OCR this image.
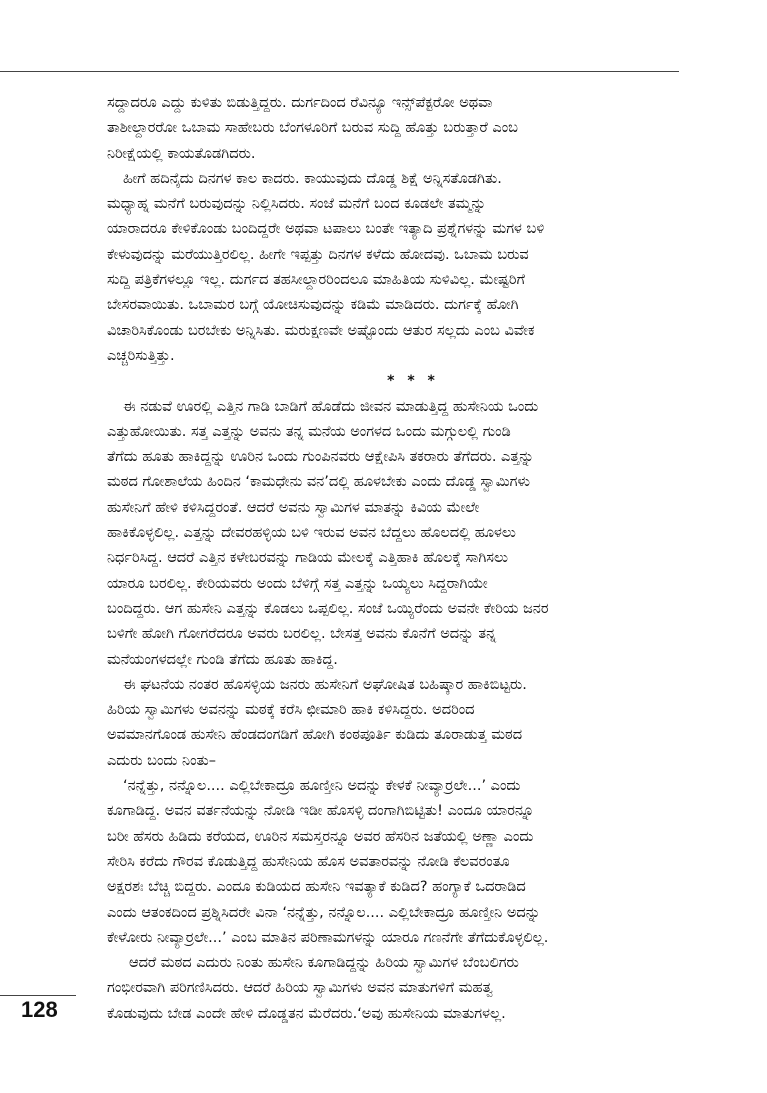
ಸದ್ದಾದರೂ ಎದ್ದು ಕುಳಿತು ಬಿಡುತ್ತಿದ್ದರು. ದುರ್ಗದಿಂದ ರೆವಿನ್ಯೂ ಇನ್ಸ್‌ಪೆಕ್ಟರೋ ಅಥವಾ
ತಾಶೀಲ್ದಾರರೋ ಒಬಾಮ ಸಾಹೇಬರು ಬೆಂಗಳೂರಿಗೆ ಬರುವ ಸುದ್ದಿ ಹೊತ್ತು ಬರುತ್ತಾರೆ ಎಂಬ
ನಿರೀಕ್ಷೆಯಲ್ಲಿ ಕಾಯತೊಡಗಿದರು.
ಹೀಗೆ ಹದಿನೈದು ದಿನಗಳ ಕಾಲ ಕಾದರು. ಕಾಯುವುದು ದೊಡ್ಡ ಶಿಕ್ಷೆ ಅನ್ನಿಸತೊಡಗಿತು.
ಮಧ್ಯಾಹ್ನ ಮನೆಗೆ ಬರುವುದನ್ನು ನಿಲ್ಲಿಸಿದರು. ಸಂಜೆ ಮನೆಗೆ ಬಂದ ಕೂಡಲೇ ತಮ್ಮನ್ನು
ಯಾರಾದರೂ ಕೇಳಿಕೊಂಡು ಬಂದಿದ್ದರೇ ಅಥವಾ ಟಪಾಲು ಬಂತೇ ಇತ್ಯಾದಿ ಪ್ರಶ್ನೆಗಳನ್ನು ಮಗಳ ಬಳಿ
ಕೇಳುವುದನ್ನು ಮರೆಯುತ್ತಿರಲಿಲ್ಲ. ಹೀಗೇ ಇಪ್ಪತ್ತು ದಿನಗಳ ಕಳೆದು ಹೋದವು. ಒಬಾಮ ಬರುವ
ಸುದ್ದಿ ಪತ್ರಿಕೆಗಳಲ್ಲೂ ಇಲ್ಲ. ದುರ್ಗದ ತಹಸೀಲ್ದಾರರಿಂದಲೂ ಮಾಹಿತಿಯ ಸುಳಿವಿಲ್ಲ. ಮೇಷ್ಟರಿಗೆ
ಬೇಸರವಾಯಿತು. ಒಬಾಮರ ಬಗ್ಗೆ ಯೋಚಿಸುವುದನ್ನು ಕಡಿಮೆ ಮಾಡಿದರು. ದುರ್ಗಕ್ಕೆ ಹೋಗಿ
ವಿಚಾರಿಸಿಕೊಂಡು ಬರಬೇಕು ಅನ್ನಿಸಿತು. ಮರುಕ್ಷಣವೇ ಅಷ್ಟೊಂದು ಆತುರ ಸಲ್ಲದು ಎಂಬ ವಿವೇಕ
ಎಚ್ಚರಿಸುತ್ತಿತ್ತು.
* * *
ಈ ನಡುವೆ ಊರಲ್ಲಿ ಎತ್ತಿನ ಗಾಡಿ ಬಾಡಿಗೆ ಹೊಡೆದು ಜೀವನ ಮಾಡುತ್ತಿದ್ದ ಹುಸೇನಿಯ ಒಂದು
ಎತ್ತುಹೋಯಿತು. ಸತ್ತ ಎತ್ತನ್ನು ಅವನು ತನ್ನ ಮನೆಯ ಅಂಗಳದ ಒಂದು ಮಗ್ಗುಲಲ್ಲಿ ಗುಂಡಿ
ತೆಗೆದು ಹೂತು ಹಾಕಿದ್ದನ್ನು ಊರಿನ ಒಂದು ಗುಂಪಿನವರು ಆಕ್ಷೇಪಿಸಿ ತಕರಾರು ತೆಗೆದರು. ಎತ್ತನ್ನು
ಮಠದ ಗೋಶಾಲೆಯ ಹಿಂದಿನ ‘ಕಾಮಧೇನು ವನ’ದಲ್ಲಿ ಹೂಳಬೇಕು ಎಂದು ದೊಡ್ಡ ಸ್ವಾಮಿಗಳು
ಹುಸೇನಿಗೆ ಹೇಳಿ ಕಳಿಸಿದ್ದರಂತೆ. ಆದರೆ ಅವನು ಸ್ವಾಮಿಗಳ ಮಾತನ್ನು ಕಿವಿಯ ಮೇಲೇ
ಹಾಕಿಕೊಳ್ಳಲಿಲ್ಲ. ಎತ್ತನ್ನು ದೇವರಹಳ್ಳಿಯ ಬಳಿ ಇರುವ ಅವನ ಬೆದ್ದಲು ಹೊಲದಲ್ಲಿ ಹೂಳಲು
ನಿರ್ಧರಿಸಿದ್ದ. ಆದರೆ ಎತ್ತಿನ ಕಳೇಬರವನ್ನು ಗಾಡಿಯ ಮೇಲಕ್ಕೆ ಎತ್ತಿಹಾಕಿ ಹೊಲಕ್ಕೆ ಸಾಗಿಸಲು
ಯಾರೂ ಬರಲಿಲ್ಲ. ಕೇರಿಯವರು ಅಂದು ಬೆಳಿಗ್ಗೆ ಸತ್ತ ಎತ್ತನ್ನು ಒಯ್ಯಲು ಸಿದ್ದರಾಗಿಯೇ
ಬಂದಿದ್ದರು. ಆಗ ಹುಸೇನಿ ಎತ್ತನ್ನು ಕೊಡಲು ಒಪ್ಪಲಿಲ್ಲ. ಸಂಜೆ ಒಯ್ಯಿರೆಂದು ಅವನೇ ಕೇರಿಯ ಜನರ
ಬಳಿಗೇ ಹೋಗಿ ಗೋಗರೆದರೂ ಅವರು ಬರಲಿಲ್ಲ. ಬೇಸತ್ತ ಅವನು ಕೊನೆಗೆ ಅದನ್ನು ತನ್ನ
ಮನೆಯಂಗಳದಲ್ಲೇ ಗುಂಡಿ ತೆಗೆದು ಹೂತು ಹಾಕಿದ್ದ.
ಈ ಘಟನೆಯ ನಂತರ ಹೊಸಳ್ಳಿಯ ಜನರು ಹುಸೇನಿಗೆ ಅಘೋಷಿತ ಬಹಿಷ್ಕಾರ ಹಾಕಿಬಿಟ್ಟರು.
ಹಿರಿಯ ಸ್ವಾಮಿಗಳು ಅವನನ್ನು ಮಠಕ್ಕೆ ಕರೆಸಿ ಛೀಮಾರಿ ಹಾಕಿ ಕಳಿಸಿದ್ದರು. ಅದರಿಂದ
ಅವಮಾನಗೊಂಡ ಹುಸೇನಿ ಹೆಂಡದಂಗಡಿಗೆ ಹೋಗಿ ಕಂಠಪೂರ್ತಿ ಕುಡಿದು ತೂರಾಡುತ್ತ ಮಠದ
ಎದುರು ಬಂದು ನಿಂತು–
‘ನನ್ನೆತ್ತು, ನನ್ನೊಲ.... ಎಲ್ಲಿಬೇಕಾದ್ರೂ ಹೂಣ್ತೀನಿ ಅದನ್ನು ಕೇಳಕೆ ನೀವ್ಯಾರ‍್ರಲೇ...’ ಎಂದು
ಕೂಗಾಡಿದ್ದ. ಅವನ ವರ್ತನೆಯನ್ನು ನೋಡಿ ಇಡೀ ಹೊಸಳ್ಳಿ ದಂಗಾಗಿಬಿಟ್ಟಿತು! ಎಂದೂ ಯಾರನ್ನೂ
ಬರೀ ಹೆಸರು ಹಿಡಿದು ಕರೆಯದ, ಊರಿನ ಸಮಸ್ತರನ್ನೂ ಅವರ ಹೆಸರಿನ ಜತೆಯಲ್ಲಿ ಅಣ್ಣಾ ಎಂದು
ಸೇರಿಸಿ ಕರೆದು ಗೌರವ ಕೊಡುತ್ತಿದ್ದ ಹುಸೇನಿಯ ಹೊಸ ಅವತಾರವನ್ನು ನೋಡಿ ಕೆಲವರಂತೂ
ಅಕ್ಷರಶಃ ಬೆಚ್ಚಿ ಬಿದ್ದರು. ಎಂದೂ ಕುಡಿಯದ ಹುಸೇನಿ ಇವತ್ಯಾಕೆ ಕುಡಿದ? ಹಂಗ್ಯಾಕೆ ಒದರಾಡಿದ
ಎಂದು ಆತಂಕದಿಂದ ಪ್ರಶ್ನಿಸಿದರೇ ವಿನಾ ‘ನನ್ನೆತ್ತು, ನನ್ನೊಲ.... ಎಲ್ಲಿಬೇಕಾದ್ರೂ ಹೂಣ್ತೀನಿ ಅದನ್ನು
ಕೇಳೋರು ನೀವ್ಯಾರ‍್ರಲೇ...’ ಎಂಬ ಮಾತಿನ ಪರಿಣಾಮಗಳನ್ನು ಯಾರೂ ಗಣನೆಗೇ ತೆಗೆದುಕೊಳ್ಳಲಿಲ್ಲ.
ಆದರೆ ಮಠದ ಎದುರು ನಿಂತು ಹುಸೇನಿ ಕೂಗಾಡಿದ್ದನ್ನು ಹಿರಿಯ ಸ್ವಾಮಿಗಳ ಬೆಂಬಲಿಗರು
ಗಂಭೀರವಾಗಿ ಪರಿಗಣಿಸಿದರು. ಆದರೆ ಹಿರಿಯ ಸ್ವಾಮಿಗಳು ಅವನ ಮಾತುಗಳಿಗೆ ಮಹತ್ವ
ಕೊಡುವುದು ಬೇಡ ಎಂದೇ ಹೇಳಿ ದೊಡ್ಡತನ ಮೆರೆದರು.‘ಅವು ಹುಸೇನಿಯ ಮಾತುಗಳಲ್ಲ.
128
